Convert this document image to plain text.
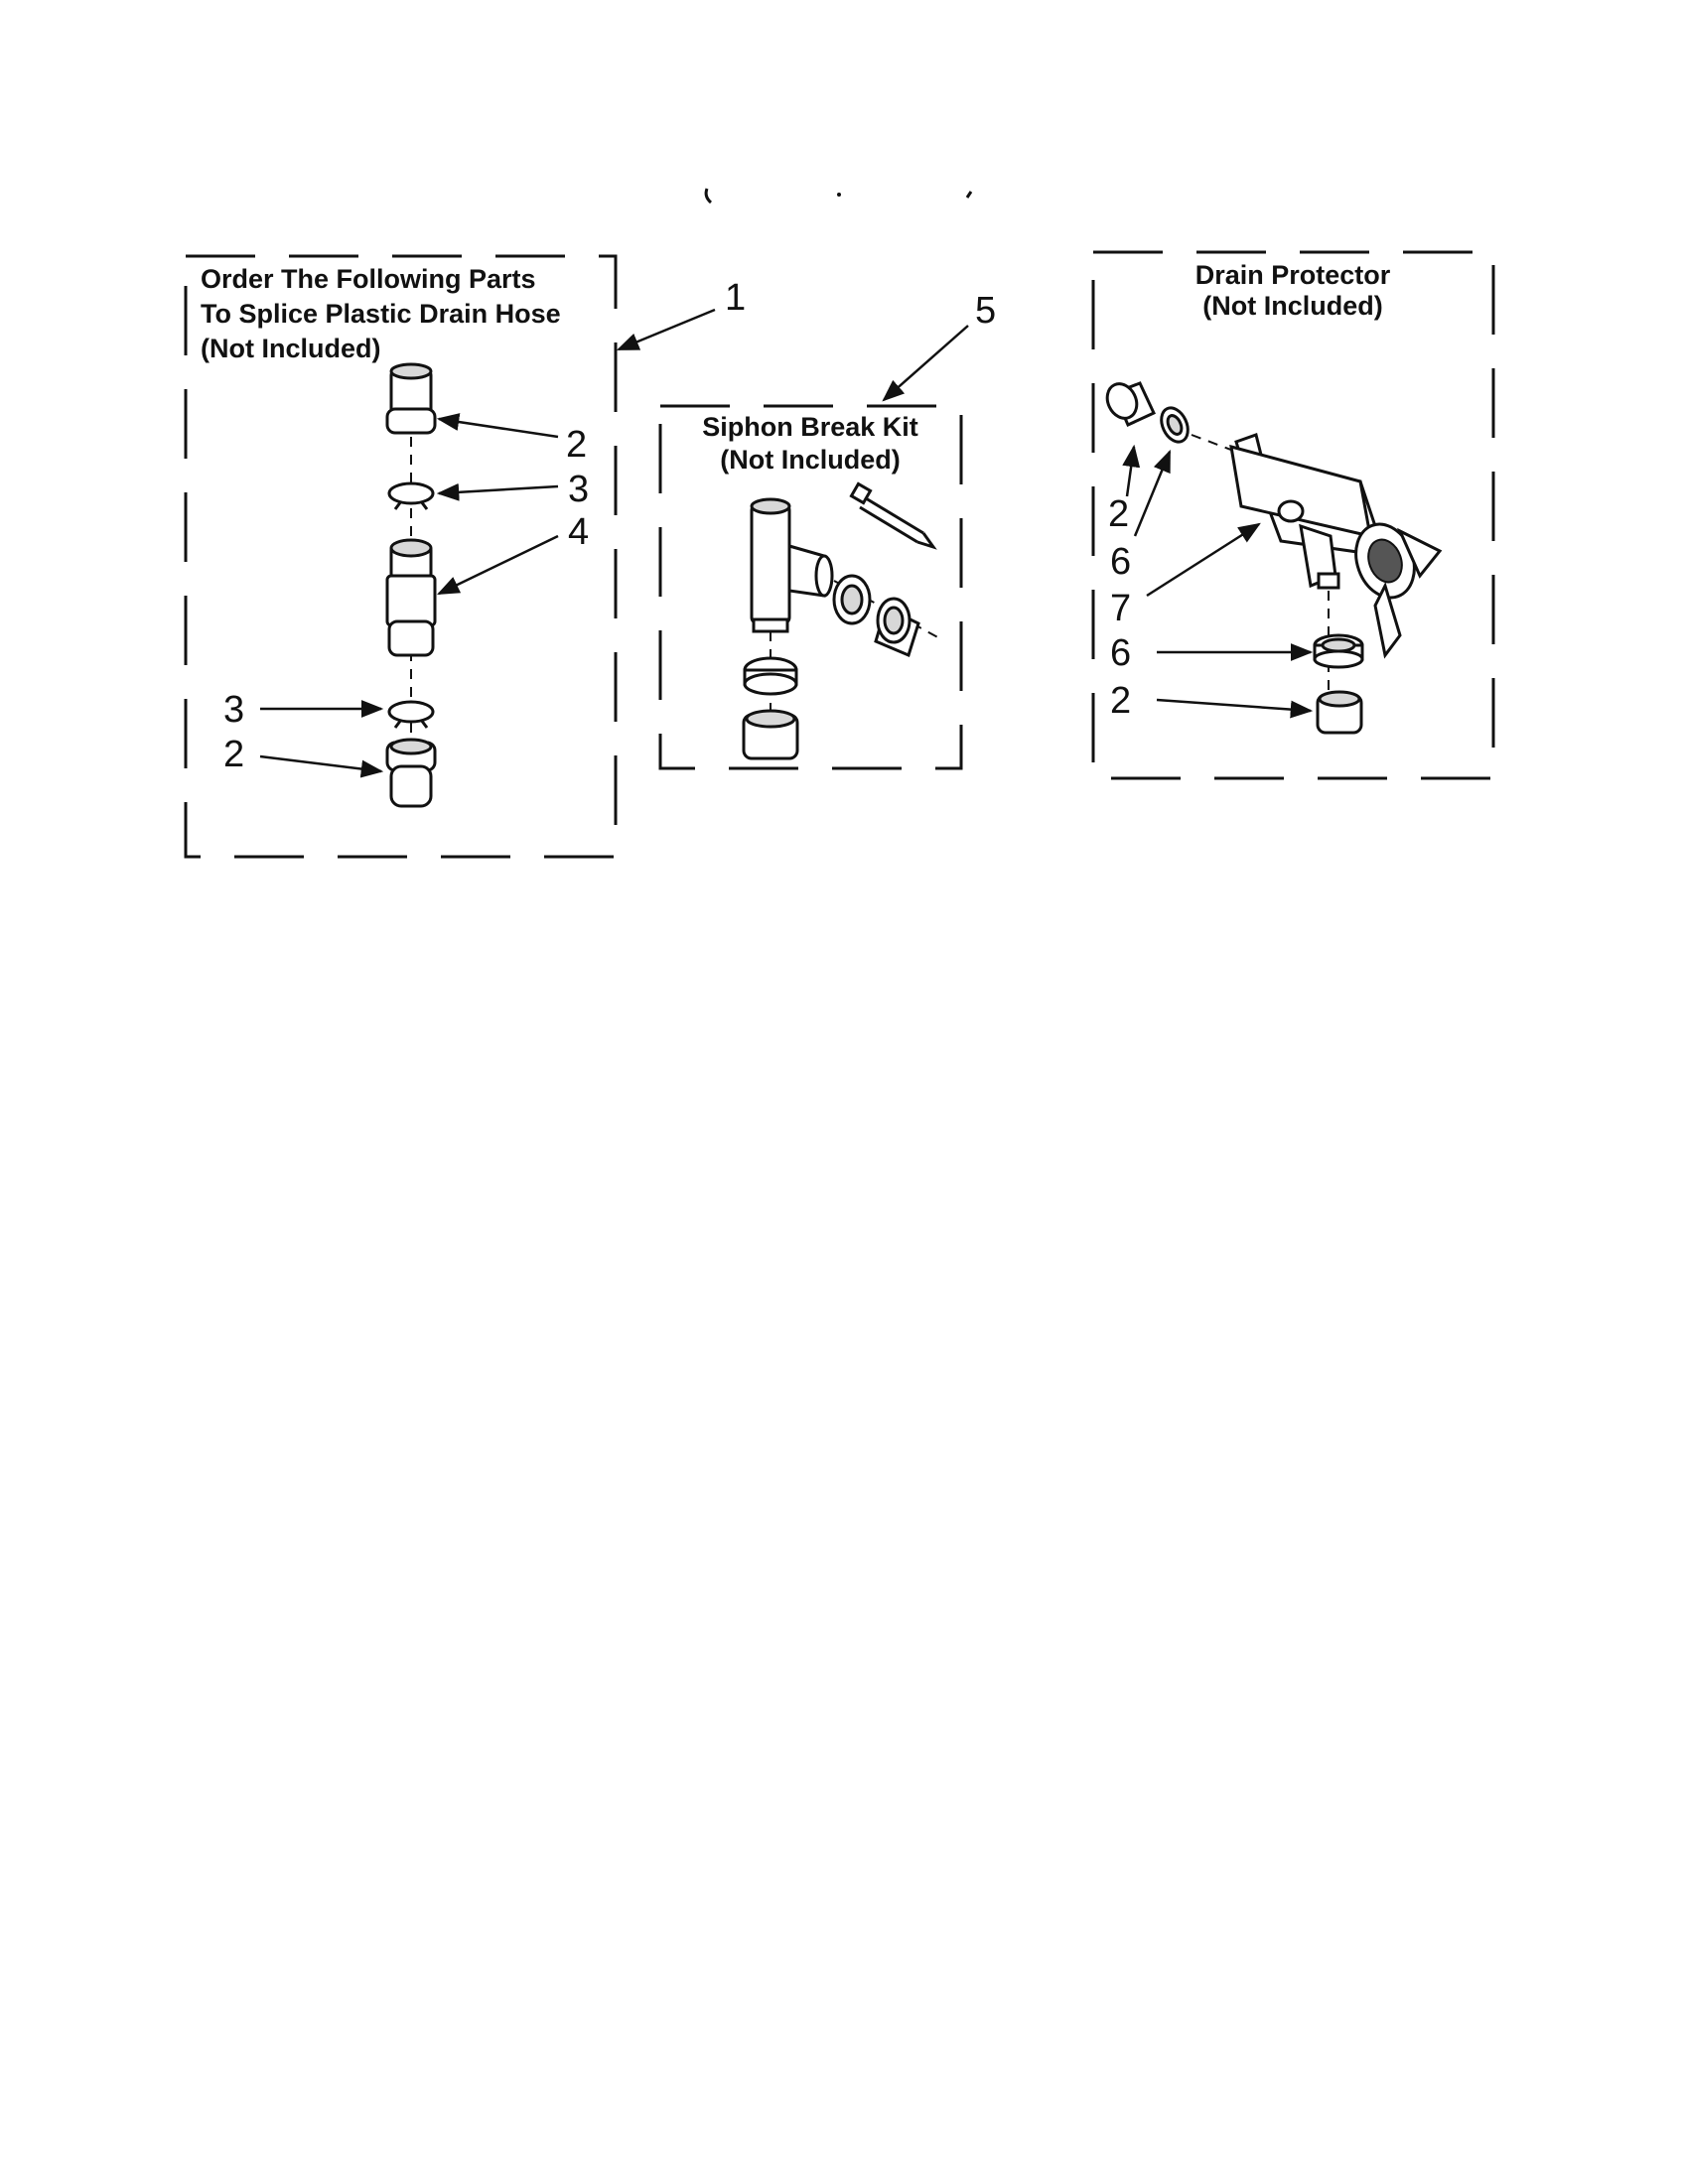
Order The Following Parts
To Splice Plastic Drain Hose
(Not Included)
1
2
3
4
3
2
Siphon Break Kit
(Not Included)
5
Drain Protector
(Not Included)
2
6
7
6
2
